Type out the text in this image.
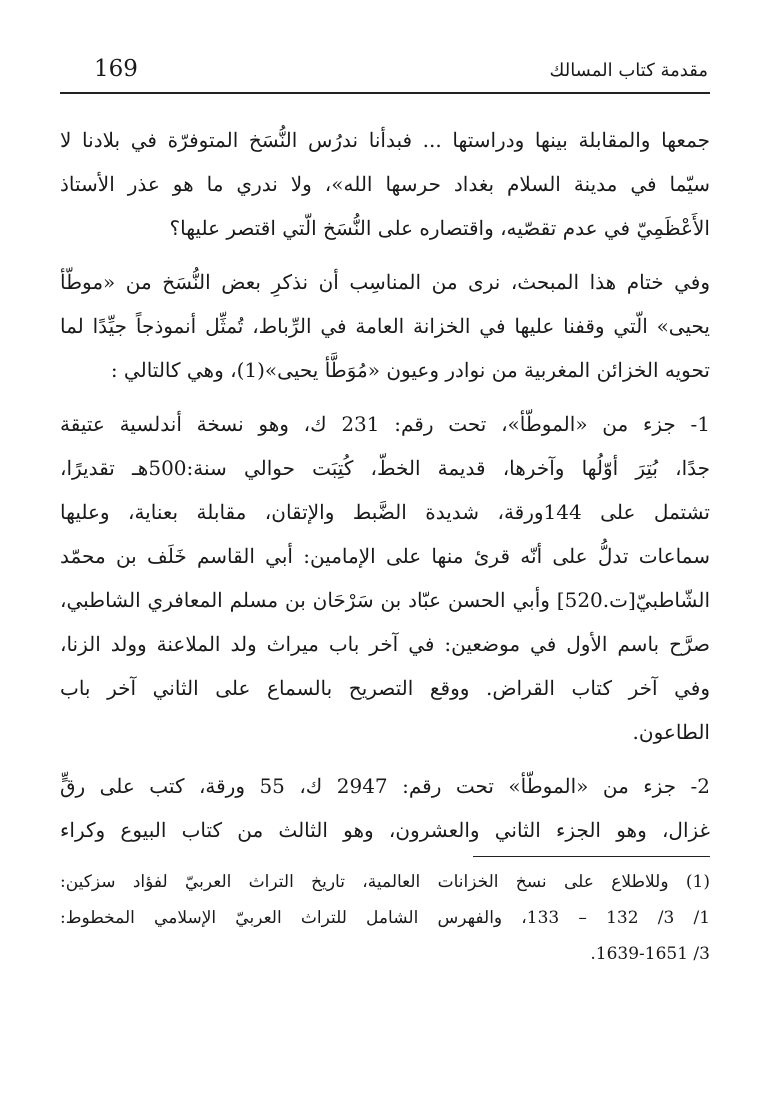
169	مقدمة كتاب المسالك

جمعها والمقابلة بينها ودراستها ... فبدأنا ندرُس النُّسَخ المتوفرّة في بلادنا لا
سيّما في مدينة السلام بغداد حرسها الله»، ولا ندري ما هو عذر الأستاذ
الأَعْظَمِيّ في عدم تقصّيه، واقتصاره على النُّسَخ الّتي اقتصر عليها؟

وفي ختام هذا المبحث، نرى من المناسِب أن نذكرِ بعض النُّسَخ من «موطّأ
يحيى» الّتي وقفنا عليها في الخزانة العامة في الرِّباط، تُمثِّل أنموذجاً جيِّدًا لما
تحويه الخزائن المغربية من نوادر وعيون «مُوَطَّأ يحيى»(1)، وهي كالتالي :

1- جزء من «الموطّأ»، تحت رقم: 231 ك، وهو نسخة أندلسية عتيقة
جدًا، بُتِرَ أوّلُها وآخرها، قديمة الخطّ، كُتِبَت حوالي سنة:500هـ تقديرًا،
تشتمل على 144ورقة، شديدة الضَّبط والإتقان، مقابلة بعناية، وعليها
سماعات تدلُّ على أنّه قرئ منها على الإمامين: أبي القاسم خَلَف بن محمّد
الشّاطبيّ[ت.520] وأبي الحسن عبّاد بن سَرْحَان بن مسلم المعافري الشاطبي،
صرَّح باسم الأول في موضعين: في آخر باب ميراث ولد الملاعنة وولد الزنا،
وفي آخر كتاب القراض. ووقع التصريح بالسماع على الثاني آخر باب
الطاعون.

2- جزء من «الموطّأ» تحت رقم: 2947 ك، 55 ورقة، كتب على رقٍّ
غزال، وهو الجزء الثاني والعشرون، وهو الثالث من كتاب البيوع وكراء

(1) وللاطلاع على نسخ الخزانات العالمية، تاريخ التراث العربيّ لفؤاد سزكين:
1/ 3/ 132 – 133، والفهرس الشامل للتراث العربيّ الإسلامي المخطوط:
3/ 1639-1651.
